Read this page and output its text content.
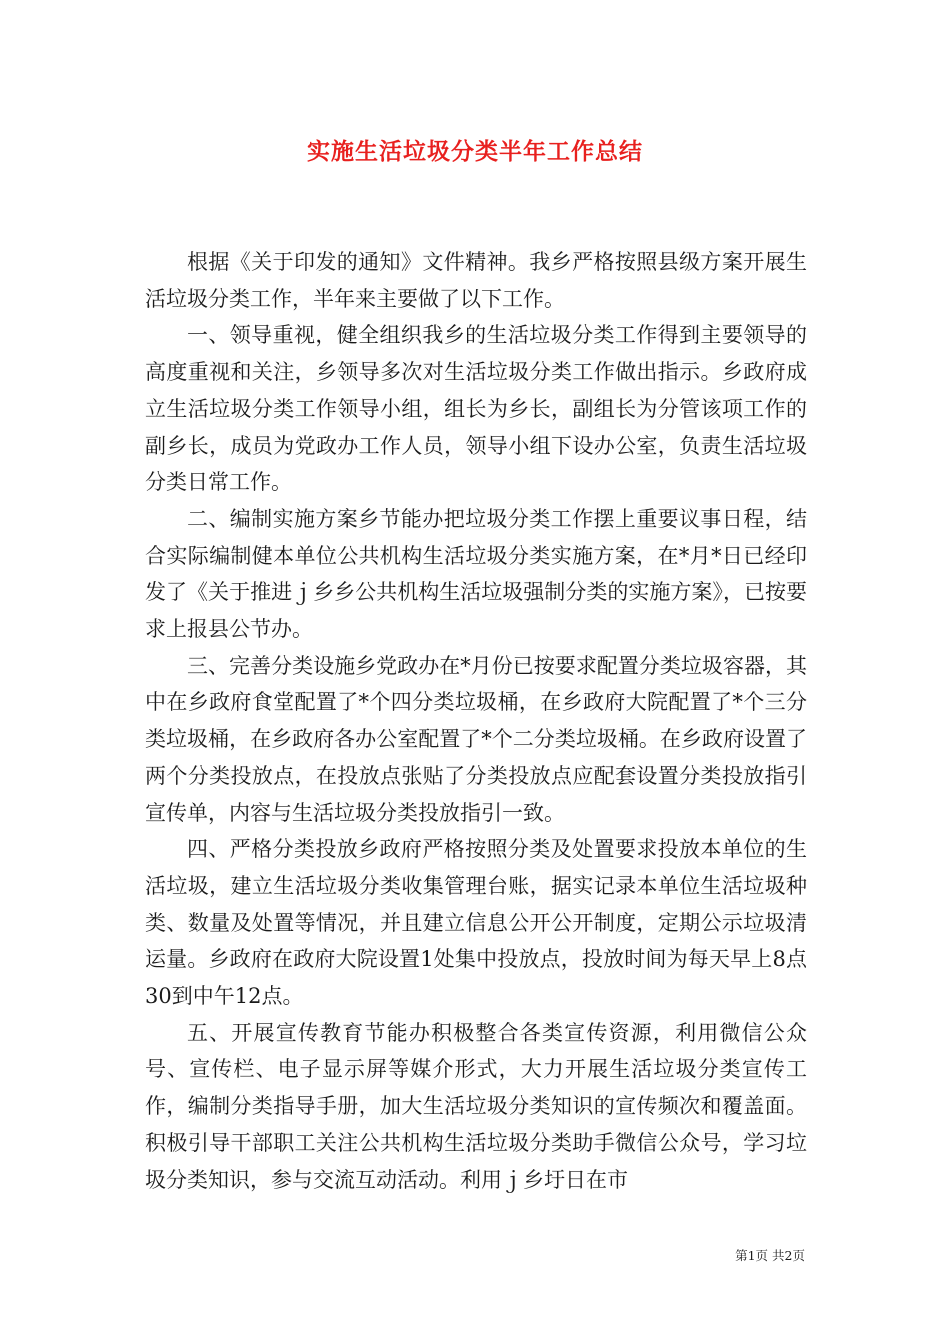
实施生活垃圾分类半年工作总结

根据《关于印发的通知》文件精神。我乡严格按照县级方案开展生活垃圾分类工作，半年来主要做了以下工作。

一、领导重视，健全组织我乡的生活垃圾分类工作得到主要领导的高度重视和关注，乡领导多次对生活垃圾分类工作做出指示。乡政府成立生活垃圾分类工作领导小组，组长为乡长，副组长为分管该项工作的副乡长，成员为党政办工作人员，领导小组下设办公室，负责生活垃圾分类日常工作。

二、编制实施方案乡节能办把垃圾分类工作摆上重要议事日程，结合实际编制健本单位公共机构生活垃圾分类实施方案，在*月*日已经印发了《关于推进ｊ乡乡公共机构生活垃圾强制分类的实施方案》，已按要求上报县公节办。

三、完善分类设施乡党政办在*月份已按要求配置分类垃圾容器，其中在乡政府食堂配置了*个四分类垃圾桶，在乡政府大院配置了*个三分类垃圾桶，在乡政府各办公室配置了*个二分类垃圾桶。在乡政府设置了两个分类投放点，在投放点张贴了分类投放点应配套设置分类投放指引宣传单，内容与生活垃圾分类投放指引一致。

四、严格分类投放乡政府严格按照分类及处置要求投放本单位的生活垃圾，建立生活垃圾分类收集管理台账，据实记录本单位生活垃圾种类、数量及处置等情况，并且建立信息公开公开制度，定期公示垃圾清运量。乡政府在政府大院设置1处集中投放点，投放时间为每天早上8点30到中午12点。

五、开展宣传教育节能办积极整合各类宣传资源，利用微信公众号、宣传栏、电子显示屏等媒介形式，大力开展生活垃圾分类宣传工作，编制分类指导手册，加大生活垃圾分类知识的宣传频次和覆盖面。积极引导干部职工关注公共机构生活垃圾分类助手微信公众号，学习垃圾分类知识，参与交流互动活动。利用ｊ乡圩日在市

第1页 共2页
